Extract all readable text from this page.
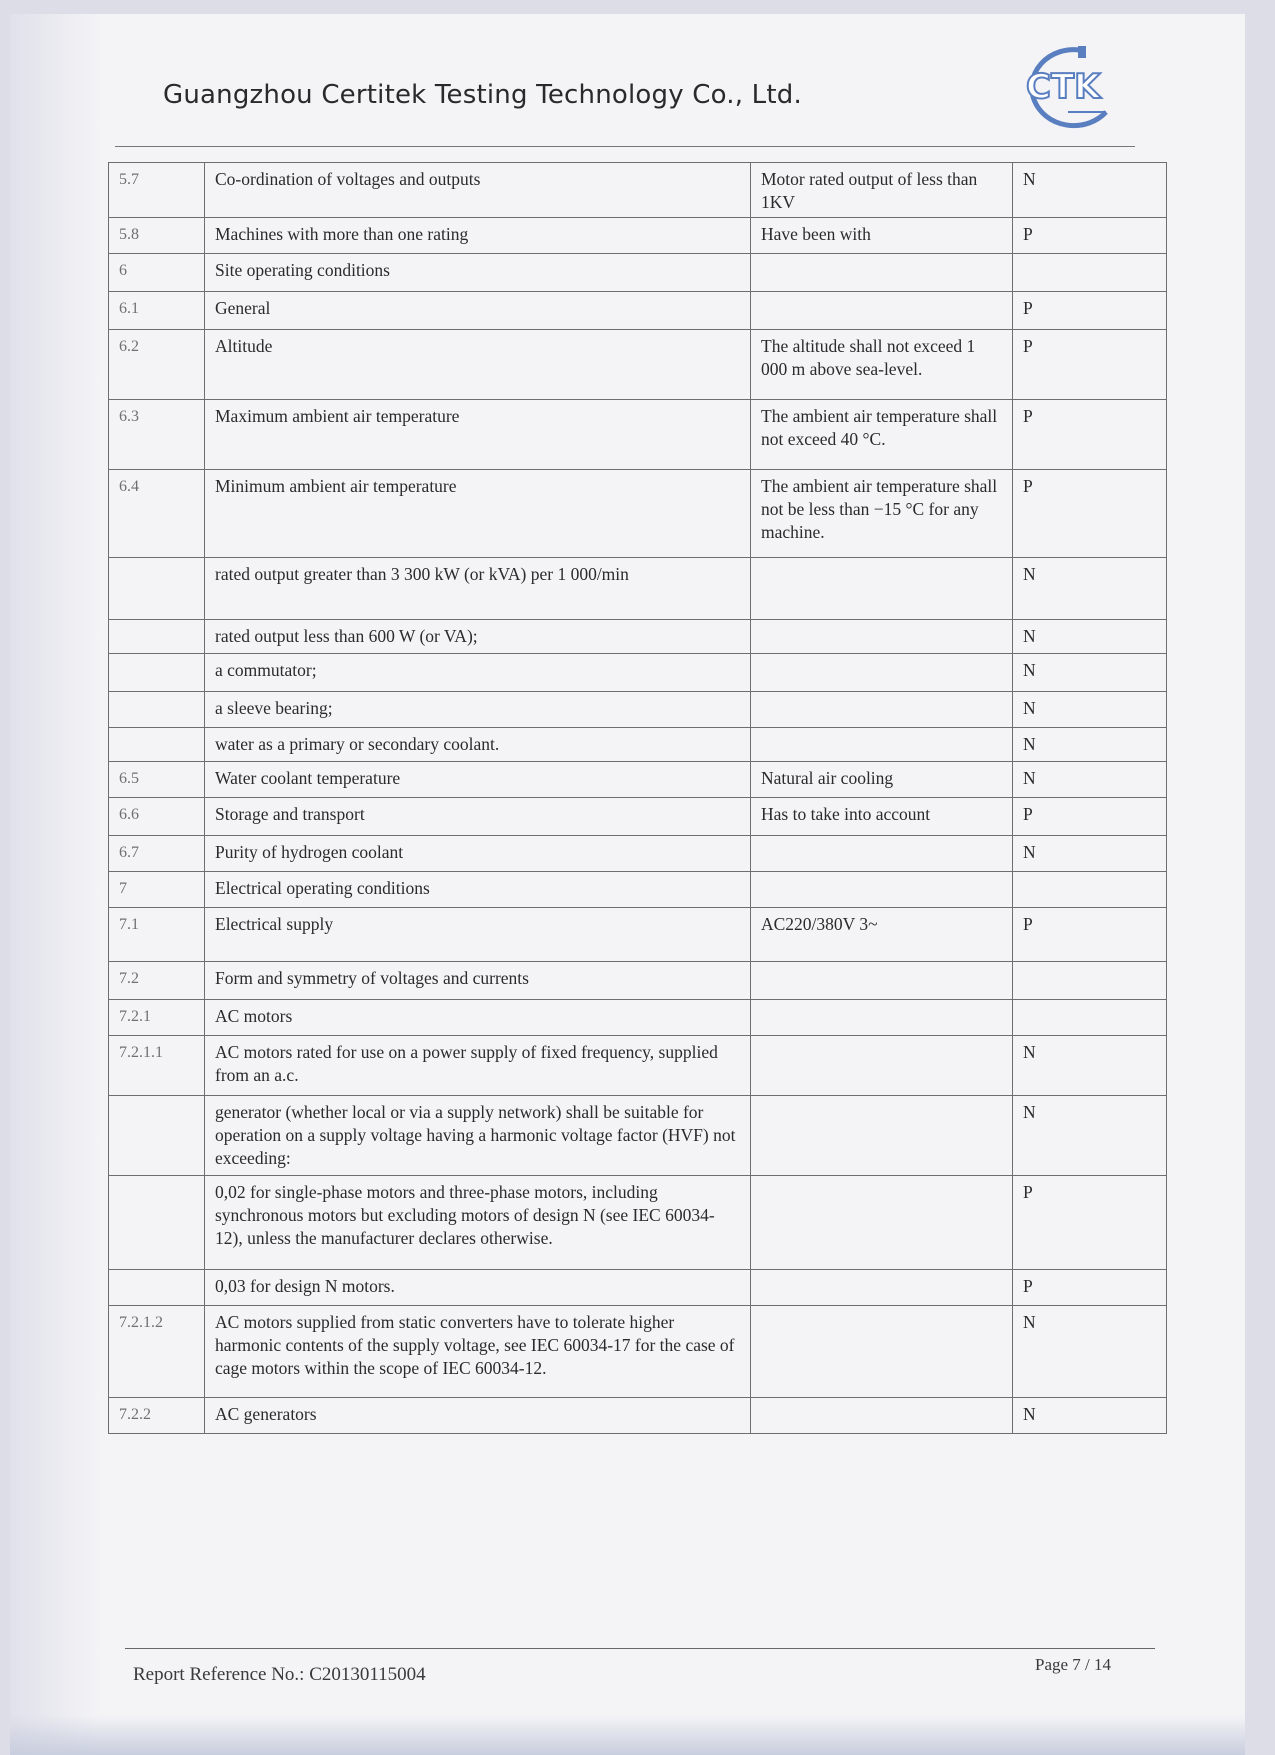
Guangzhou Certitek Testing Technology Co., Ltd.	CTK
5.7	Co-ordination of voltages and outputs	Motor rated output of less than 1KV	N
5.8	Machines with more than one rating	Have been with	P
6	Site operating conditions		
6.1	General		P
6.2	Altitude	The altitude shall not exceed 1 000 m above sea-level.	P
6.3	Maximum ambient air temperature	The ambient air temperature shall not exceed 40 °C.	P
6.4	Minimum ambient air temperature	The ambient air temperature shall not be less than −15 °C for any machine.	P
	rated output greater than 3 300 kW (or kVA) per 1 000/min		N
	rated output less than 600 W (or VA);		N
	a commutator;		N
	a sleeve bearing;		N
	water as a primary or secondary coolant.		N
6.5	Water coolant temperature	Natural air cooling	N
6.6	Storage and transport	Has to take into account	P
6.7	Purity of hydrogen coolant		N
7	Electrical operating conditions		
7.1	Electrical supply	AC220/380V 3~	P
7.2	Form and symmetry of voltages and currents		
7.2.1	AC motors		
7.2.1.1	AC motors rated for use on a power supply of fixed frequency, supplied from an a.c.		N
	generator (whether local or via a supply network) shall be suitable for operation on a supply voltage having a harmonic voltage factor (HVF) not exceeding:		N
	0,02 for single-phase motors and three-phase motors, including synchronous motors but excluding motors of design N (see IEC 60034-12), unless the manufacturer declares otherwise.		P
	0,03 for design N motors.		P
7.2.1.2	AC motors supplied from static converters have to tolerate higher harmonic contents of the supply voltage, see IEC 60034-17 for the case of cage motors within the scope of IEC 60034-12.		N
7.2.2	AC generators		N
Report Reference No.: C20130115004	Page 7 / 14
